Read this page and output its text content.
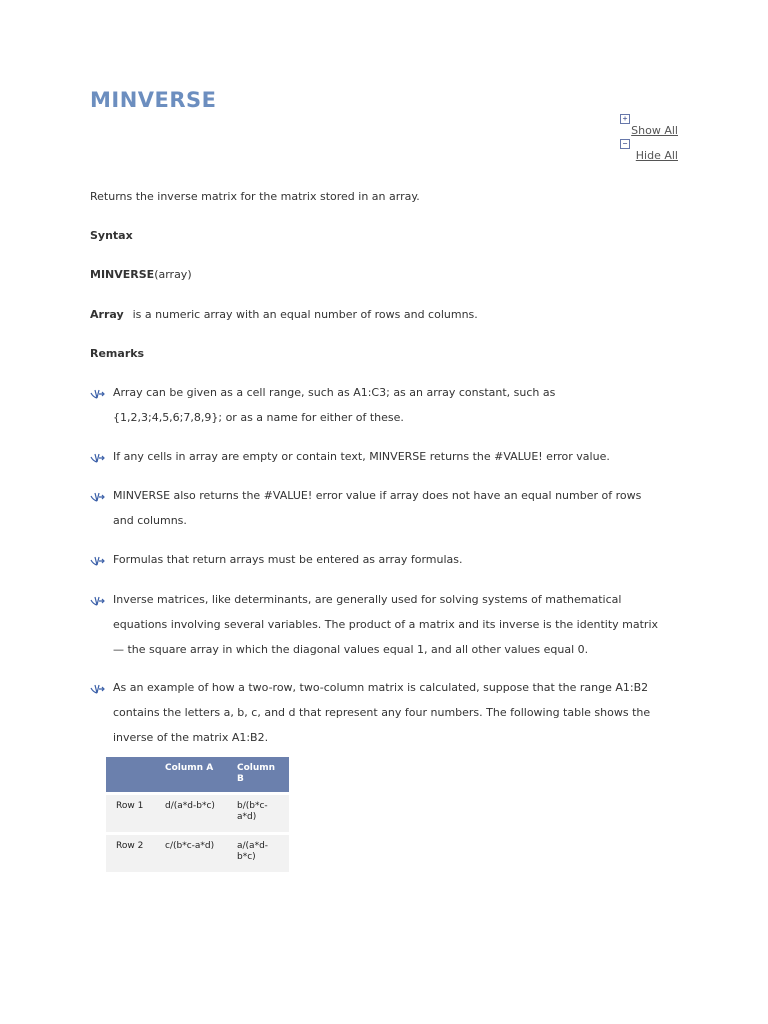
MINVERSE
+
Show All
−
Hide All

Returns the inverse matrix for the matrix stored in an array.

Syntax

MINVERSE(array)

Array is a numeric array with an equal number of rows and columns.

Remarks

Array can be given as a cell range, such as A1:C3; as an array constant, such as {1,2,3;4,5,6;7,8,9}; or as a name for either of these.
If any cells in array are empty or contain text, MINVERSE returns the #VALUE! error value.
MINVERSE also returns the #VALUE! error value if array does not have an equal number of rows and columns.
Formulas that return arrays must be entered as array formulas.
Inverse matrices, like determinants, are generally used for solving systems of mathematical equations involving several variables. The product of a matrix and its inverse is the identity matrix — the square array in which the diagonal values equal 1, and all other values equal 0.
As an example of how a two-row, two-column matrix is calculated, suppose that the range A1:B2 contains the letters a, b, c, and d that represent any four numbers. The following table shows the inverse of the matrix A1:B2.
	Column A	Column B
Row 1	d/(a*d-b*c)	b/(b*c-a*d)
Row 2	c/(b*c-a*d)	a/(a*d-b*c)
